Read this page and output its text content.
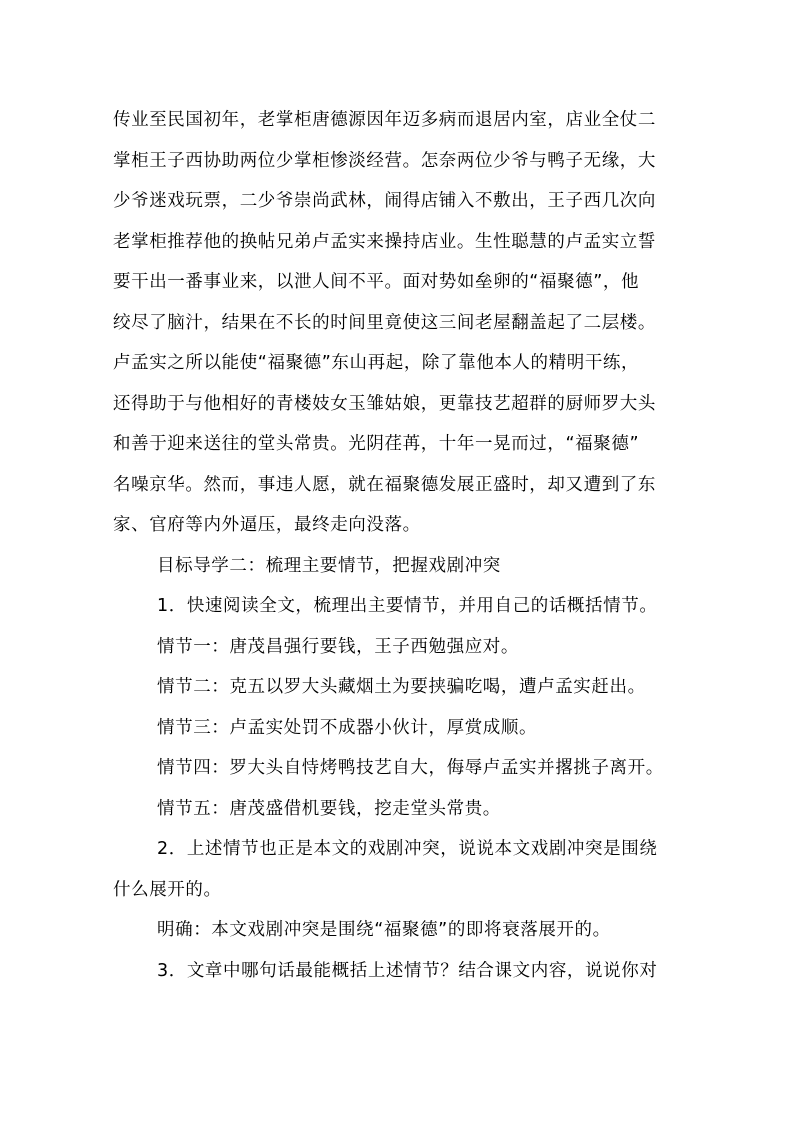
传业至民国初年，老掌柜唐德源因年迈多病而退居内室，店业全仗二
掌柜王子西协助两位少掌柜惨淡经营。怎奈两位少爷与鸭子无缘，大
少爷迷戏玩票，二少爷崇尚武林，闹得店铺入不敷出，王子西几次向
老掌柜推荐他的换帖兄弟卢孟实来操持店业。生性聪慧的卢孟实立誓
要干出一番事业来，以泄人间不平。面对势如垒卵的“福聚德”，他
绞尽了脑汁，结果在不长的时间里竟使这三间老屋翻盖起了二层楼。
卢孟实之所以能使“福聚德”东山再起，除了靠他本人的精明干练，
还得助于与他相好的青楼妓女玉雏姑娘，更靠技艺超群的厨师罗大头
和善于迎来送往的堂头常贵。光阴荏苒，十年一晃而过，“福聚德”
名噪京华。然而，事违人愿，就在福聚德发展正盛时，却又遭到了东
家、官府等内外逼压，最终走向没落。
目标导学二：梳理主要情节，把握戏剧冲突
1．快速阅读全文，梳理出主要情节，并用自己的话概括情节。
情节一：唐茂昌强行要钱，王子西勉强应对。
情节二：克五以罗大头藏烟土为要挟骗吃喝，遭卢孟实赶出。
情节三：卢孟实处罚不成器小伙计，厚赏成顺。
情节四：罗大头自恃烤鸭技艺自大，侮辱卢孟实并撂挑子离开。
情节五：唐茂盛借机要钱，挖走堂头常贵。
2．上述情节也正是本文的戏剧冲突，说说本文戏剧冲突是围绕
什么展开的。
明确：本文戏剧冲突是围绕“福聚德”的即将衰落展开的。
3．文章中哪句话最能概括上述情节？结合课文内容，说说你对
